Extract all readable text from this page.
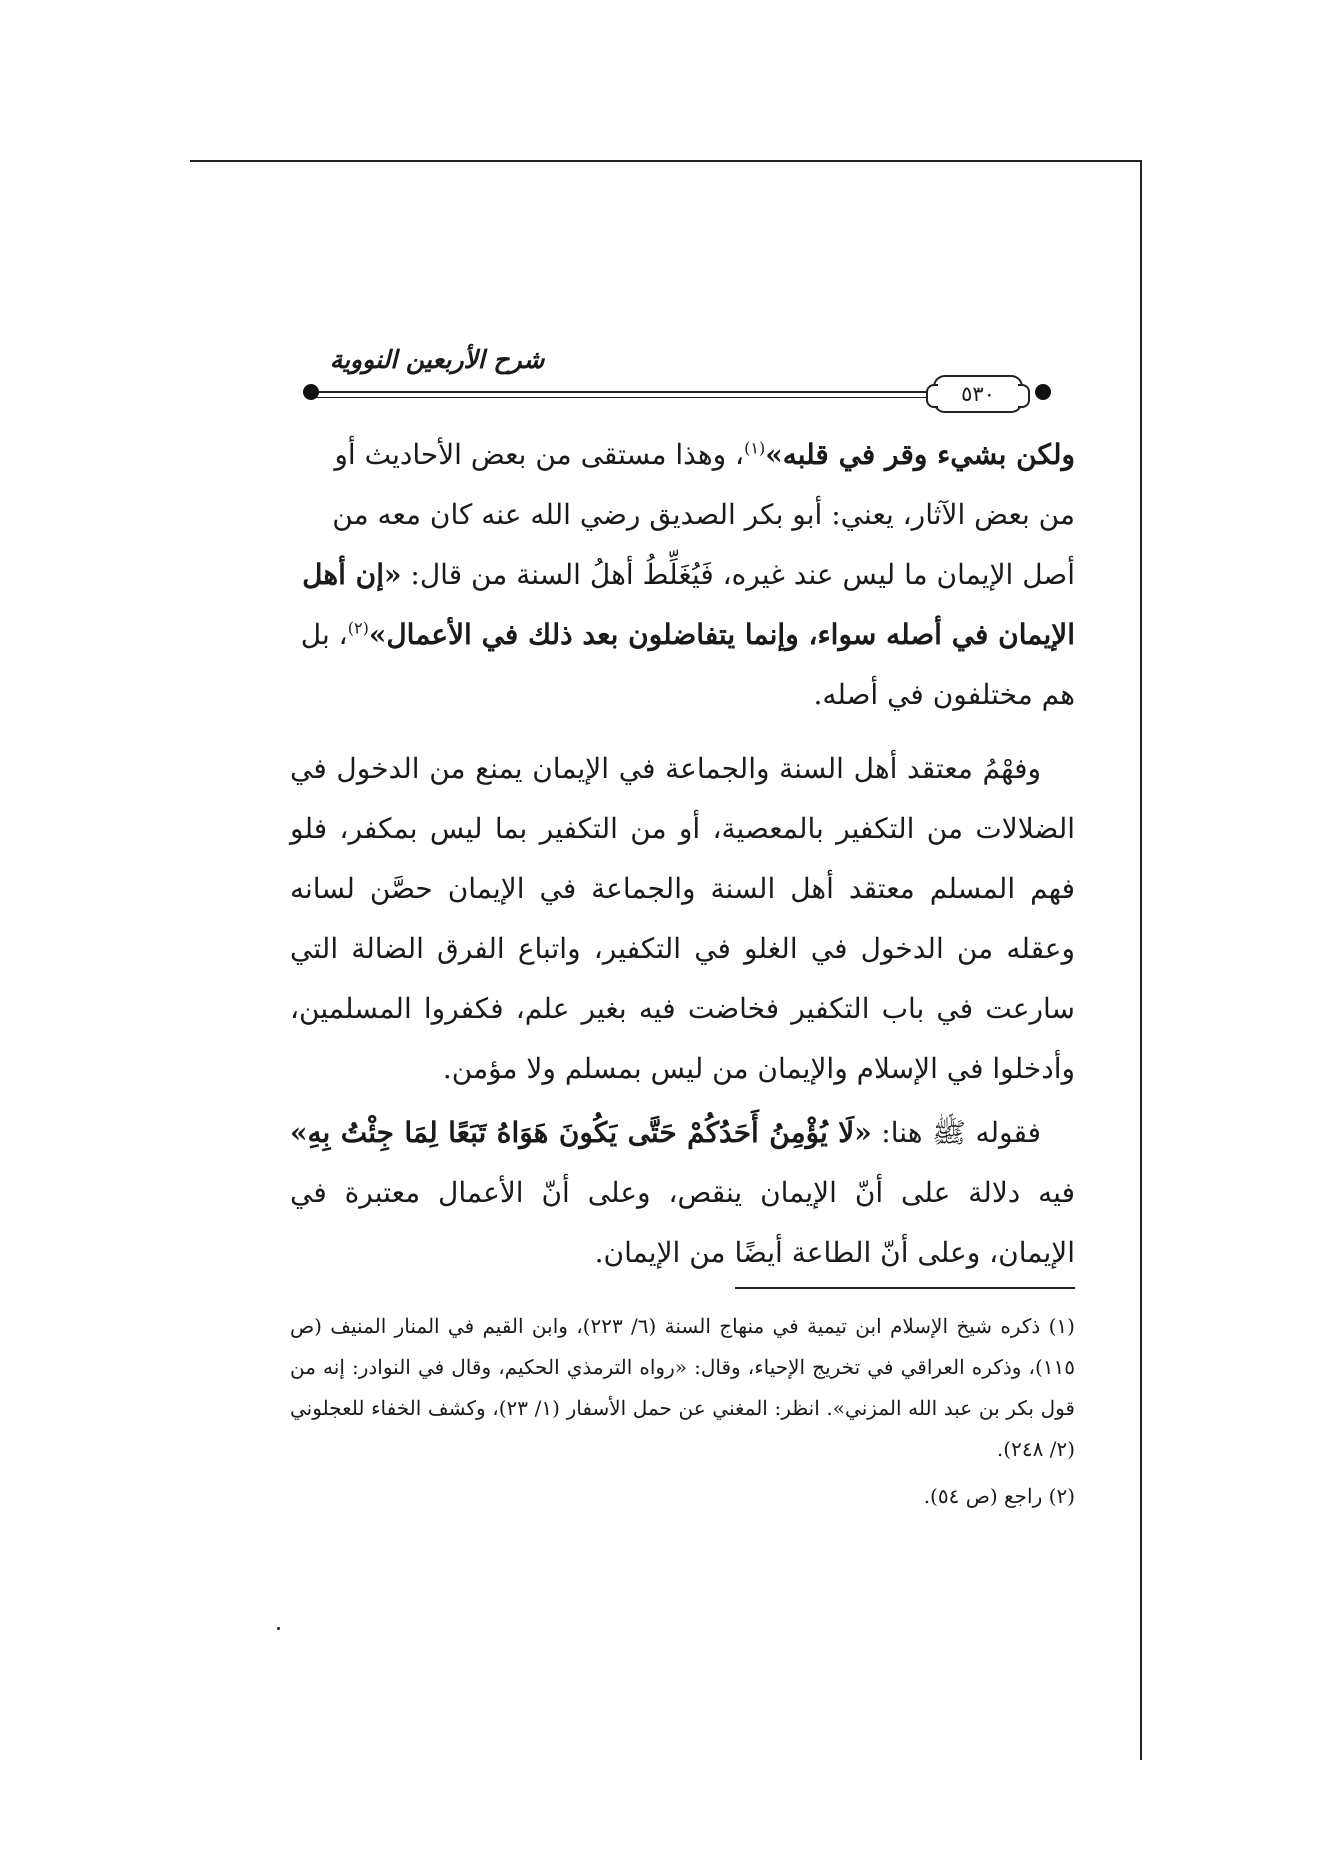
شرح الأربعين النووية
٥٣٠

ولكن بشيء وقر في قلبه»$^{(١)}$، وهذا مستقى من بعض الأحاديث أو من بعض الآثار، يعني: أبو بكر الصديق رضي الله عنه كان معه من أصل الإيمان ما ليس عند غيره، فَيُغَلِّطُ أهلُ السنة من قال: «إن أهل الإيمان في أصله سواء، وإنما يتفاضلون بعد ذلك في الأعمال»$^{(٢)}$، بل هم مختلفون في أصله.

وفهْمُ معتقد أهل السنة والجماعة في الإيمان يمنع من الدخول في الضلالات من التكفير بالمعصية، أو من التكفير بما ليس بمكفر، فلو فهم المسلم معتقد أهل السنة والجماعة في الإيمان حصَّن لسانه وعقله من الدخول في الغلو في التكفير، واتباع الفرق الضالة التي سارعت في باب التكفير فخاضت فيه بغير علم، فكفروا المسلمين، وأدخلوا في الإسلام والإيمان من ليس بمسلم ولا مؤمن.

فقوله ﷺ هنا: «لَا يُؤْمِنُ أَحَدُكُمْ حَتَّى يَكُونَ هَوَاهُ تَبَعًا لِمَا جِئْتُ بِهِ» فيه دلالة على أنّ الإيمان ينقص، وعلى أنّ الأعمال معتبرة في الإيمان، وعلى أنّ الطاعة أيضًا من الإيمان.

(١) ذكره شيخ الإسلام ابن تيمية في منهاج السنة (٦/ ٢٢٣)، وابن القيم في المنار المنيف (ص ١١٥)، وذكره العراقي في تخريج الإحياء، وقال: «رواه الترمذي الحكيم، وقال في النوادر: إنه من قول بكر بن عبد الله المزني». انظر: المغني عن حمل الأسفار (١/ ٢٣)، وكشف الخفاء للعجلوني (٢/ ٢٤٨).

(٢) راجع (ص ٥٤).
